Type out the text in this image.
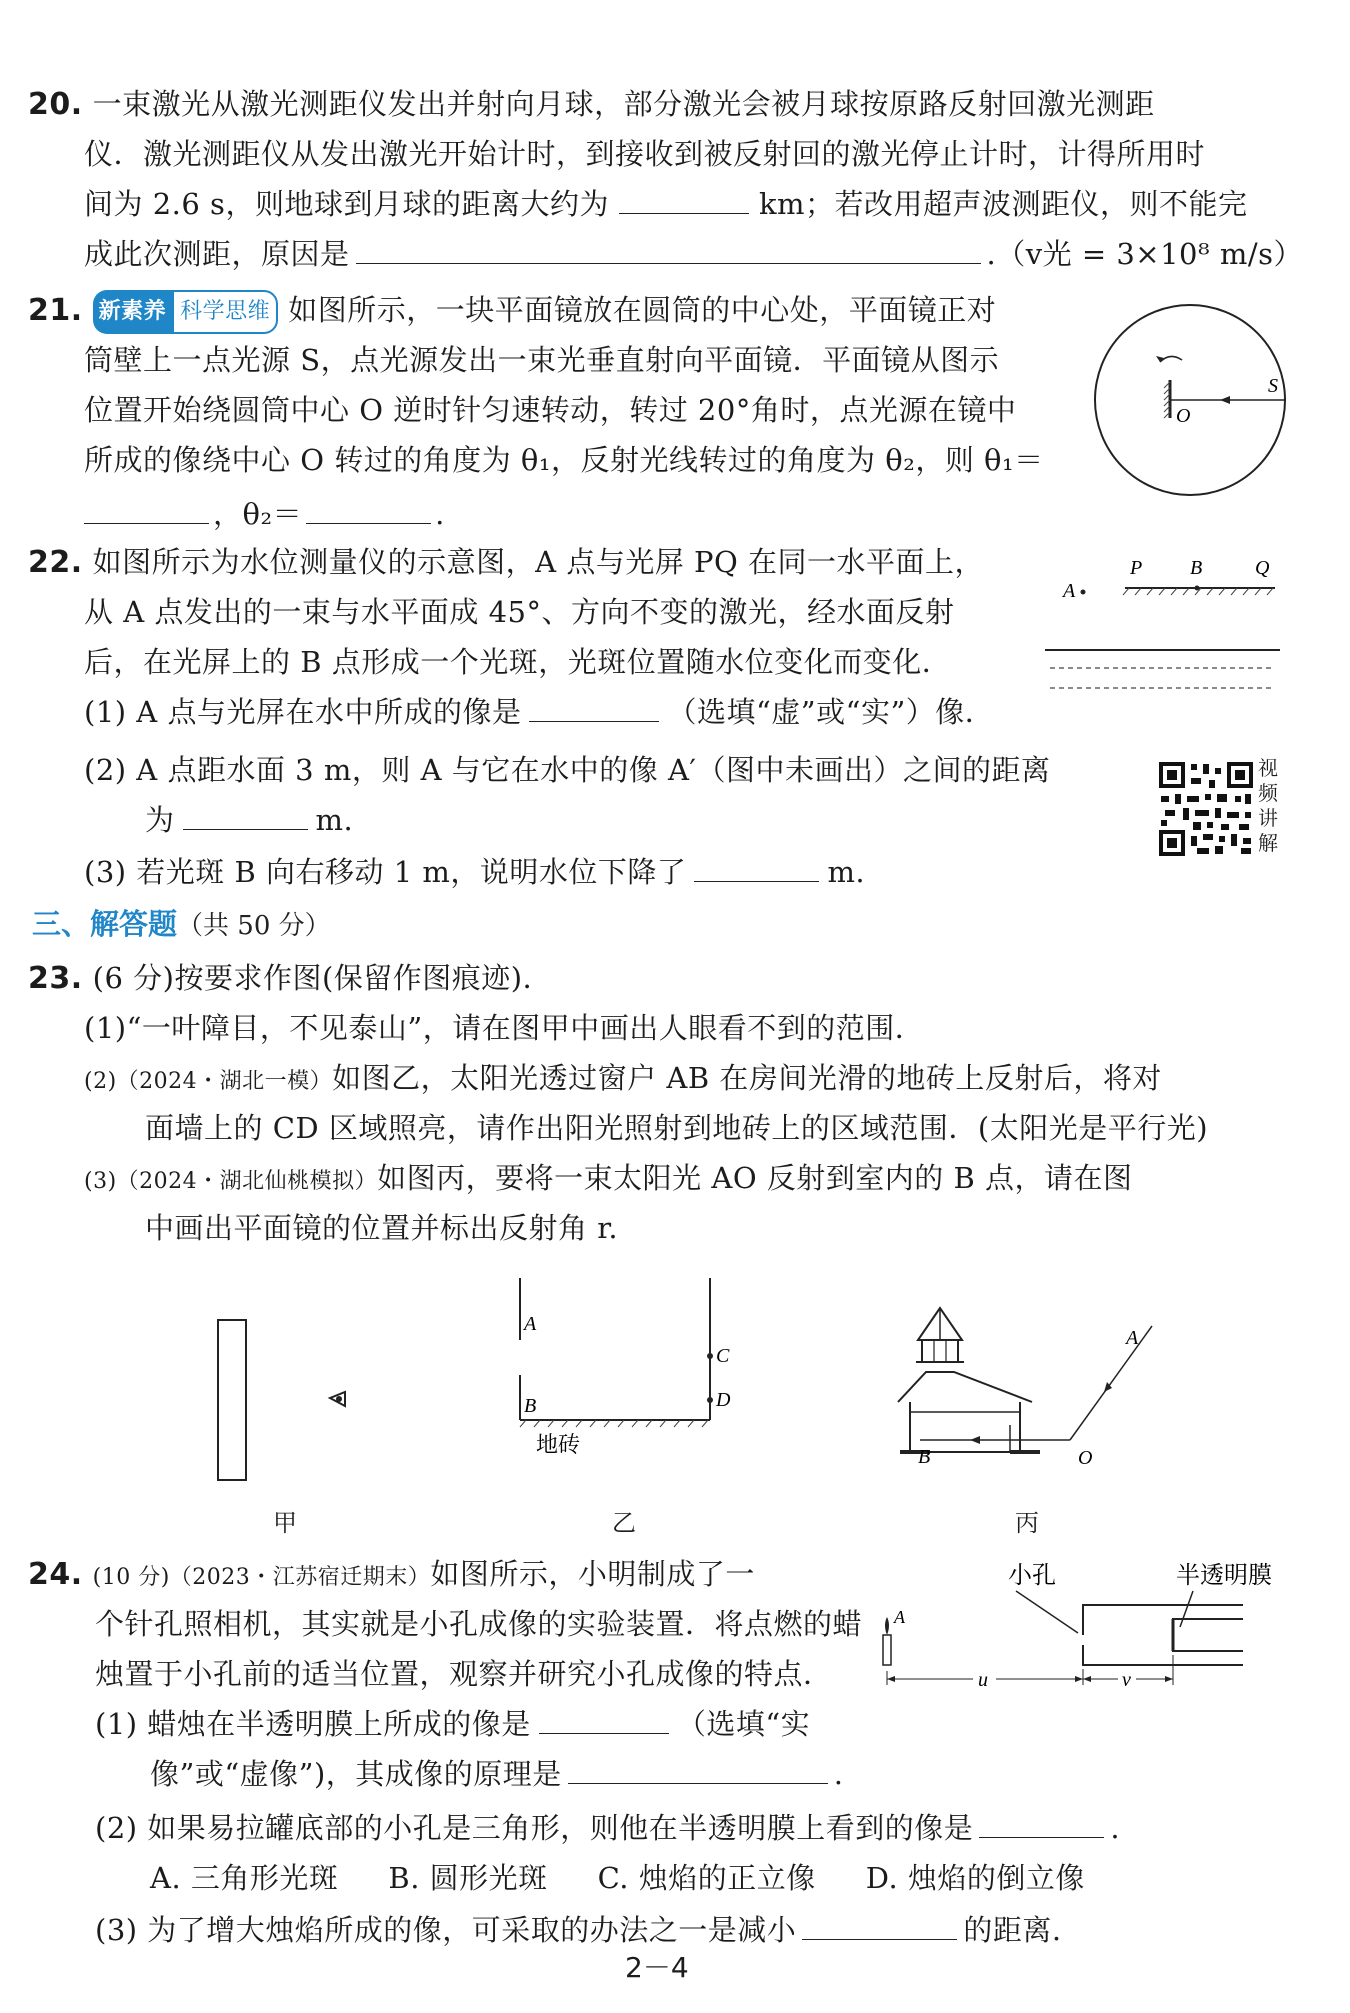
20. 一束激光从激光测距仪发出并射向月球，部分激光会被月球按原路反射回激光测距
仪．激光测距仪从发出激光开始计时，到接收到被反射回的激光停止计时，计得所用时
间为 2.6 s，则地球到月球的距离大约为	km；若改用超声波测距仪，则不能完
成此次测距，原因是	.（v光 = 3×10⁸ m/s）
21. 新素养 科学思维 如图所示，一块平面镜放在圆筒的中心处，平面镜正对
筒壁上一点光源 S，点光源发出一束光垂直射向平面镜．平面镜从图示
位置开始绕圆筒中心 O 逆时针匀速转动，转过 20°角时，点光源在镜中
所成的像绕中心 O 转过的角度为 θ₁，反射光线转过的角度为 θ₂，则 θ₁＝
，θ₂＝	.
O
S
22. 如图所示为水位测量仪的示意图，A 点与光屏 PQ 在同一水平面上，
从 A 点发出的一束与水平面成 45°、方向不变的激光，经水面反射
后，在光屏上的 B 点形成一个光斑，光斑位置随水位变化而变化．
(1) A 点与光屏在水中所成的像是	（选填“虚”或“实”）像．
(2) A 点距水面 3 m，则 A 与它在水中的像 A′（图中未画出）之间的距离
为	m.
(3) 若光斑 B 向右移动 1 m，说明水位下降了	m.
A
P B	Q
视频讲解
三、解答题（共 50 分）
23. (6 分)按要求作图(保留作图痕迹)．
(1)“一叶障目，不见泰山”，请在图甲中画出人眼看不到的范围．
(2)（2024・湖北一模）如图乙，太阳光透过窗户 AB 在房间光滑的地砖上反射后，将对
面墙上的 CD 区域照亮，请作出阳光照射到地砖上的区域范围．(太阳光是平行光)
(3)（2024・湖北仙桃模拟）如图丙，要将一束太阳光 AO 反射到室内的 B 点，请在图
中画出平面镜的位置并标出反射角 r.
甲
A
B
C
D
地砖
乙
B	O
A
丙
24. (10 分)（2023・江苏宿迁期末）如图所示，小明制成了一
个针孔照相机，其实就是小孔成像的实验装置．将点燃的蜡
烛置于小孔前的适当位置，观察并研究小孔成像的特点．
(1) 蜡烛在半透明膜上所成的像是	（选填“实
像”或“虚像”)，其成像的原理是	.
(2) 如果易拉罐底部的小孔是三角形，则他在半透明膜上看到的像是	.
A. 三角形光斑 B. 圆形光斑 C. 烛焰的正立像 D. 烛焰的倒立像
(3) 为了增大烛焰所成的像，可采取的办法之一是减小	的距离.
小孔	半透明膜
A
u	v
2－4
